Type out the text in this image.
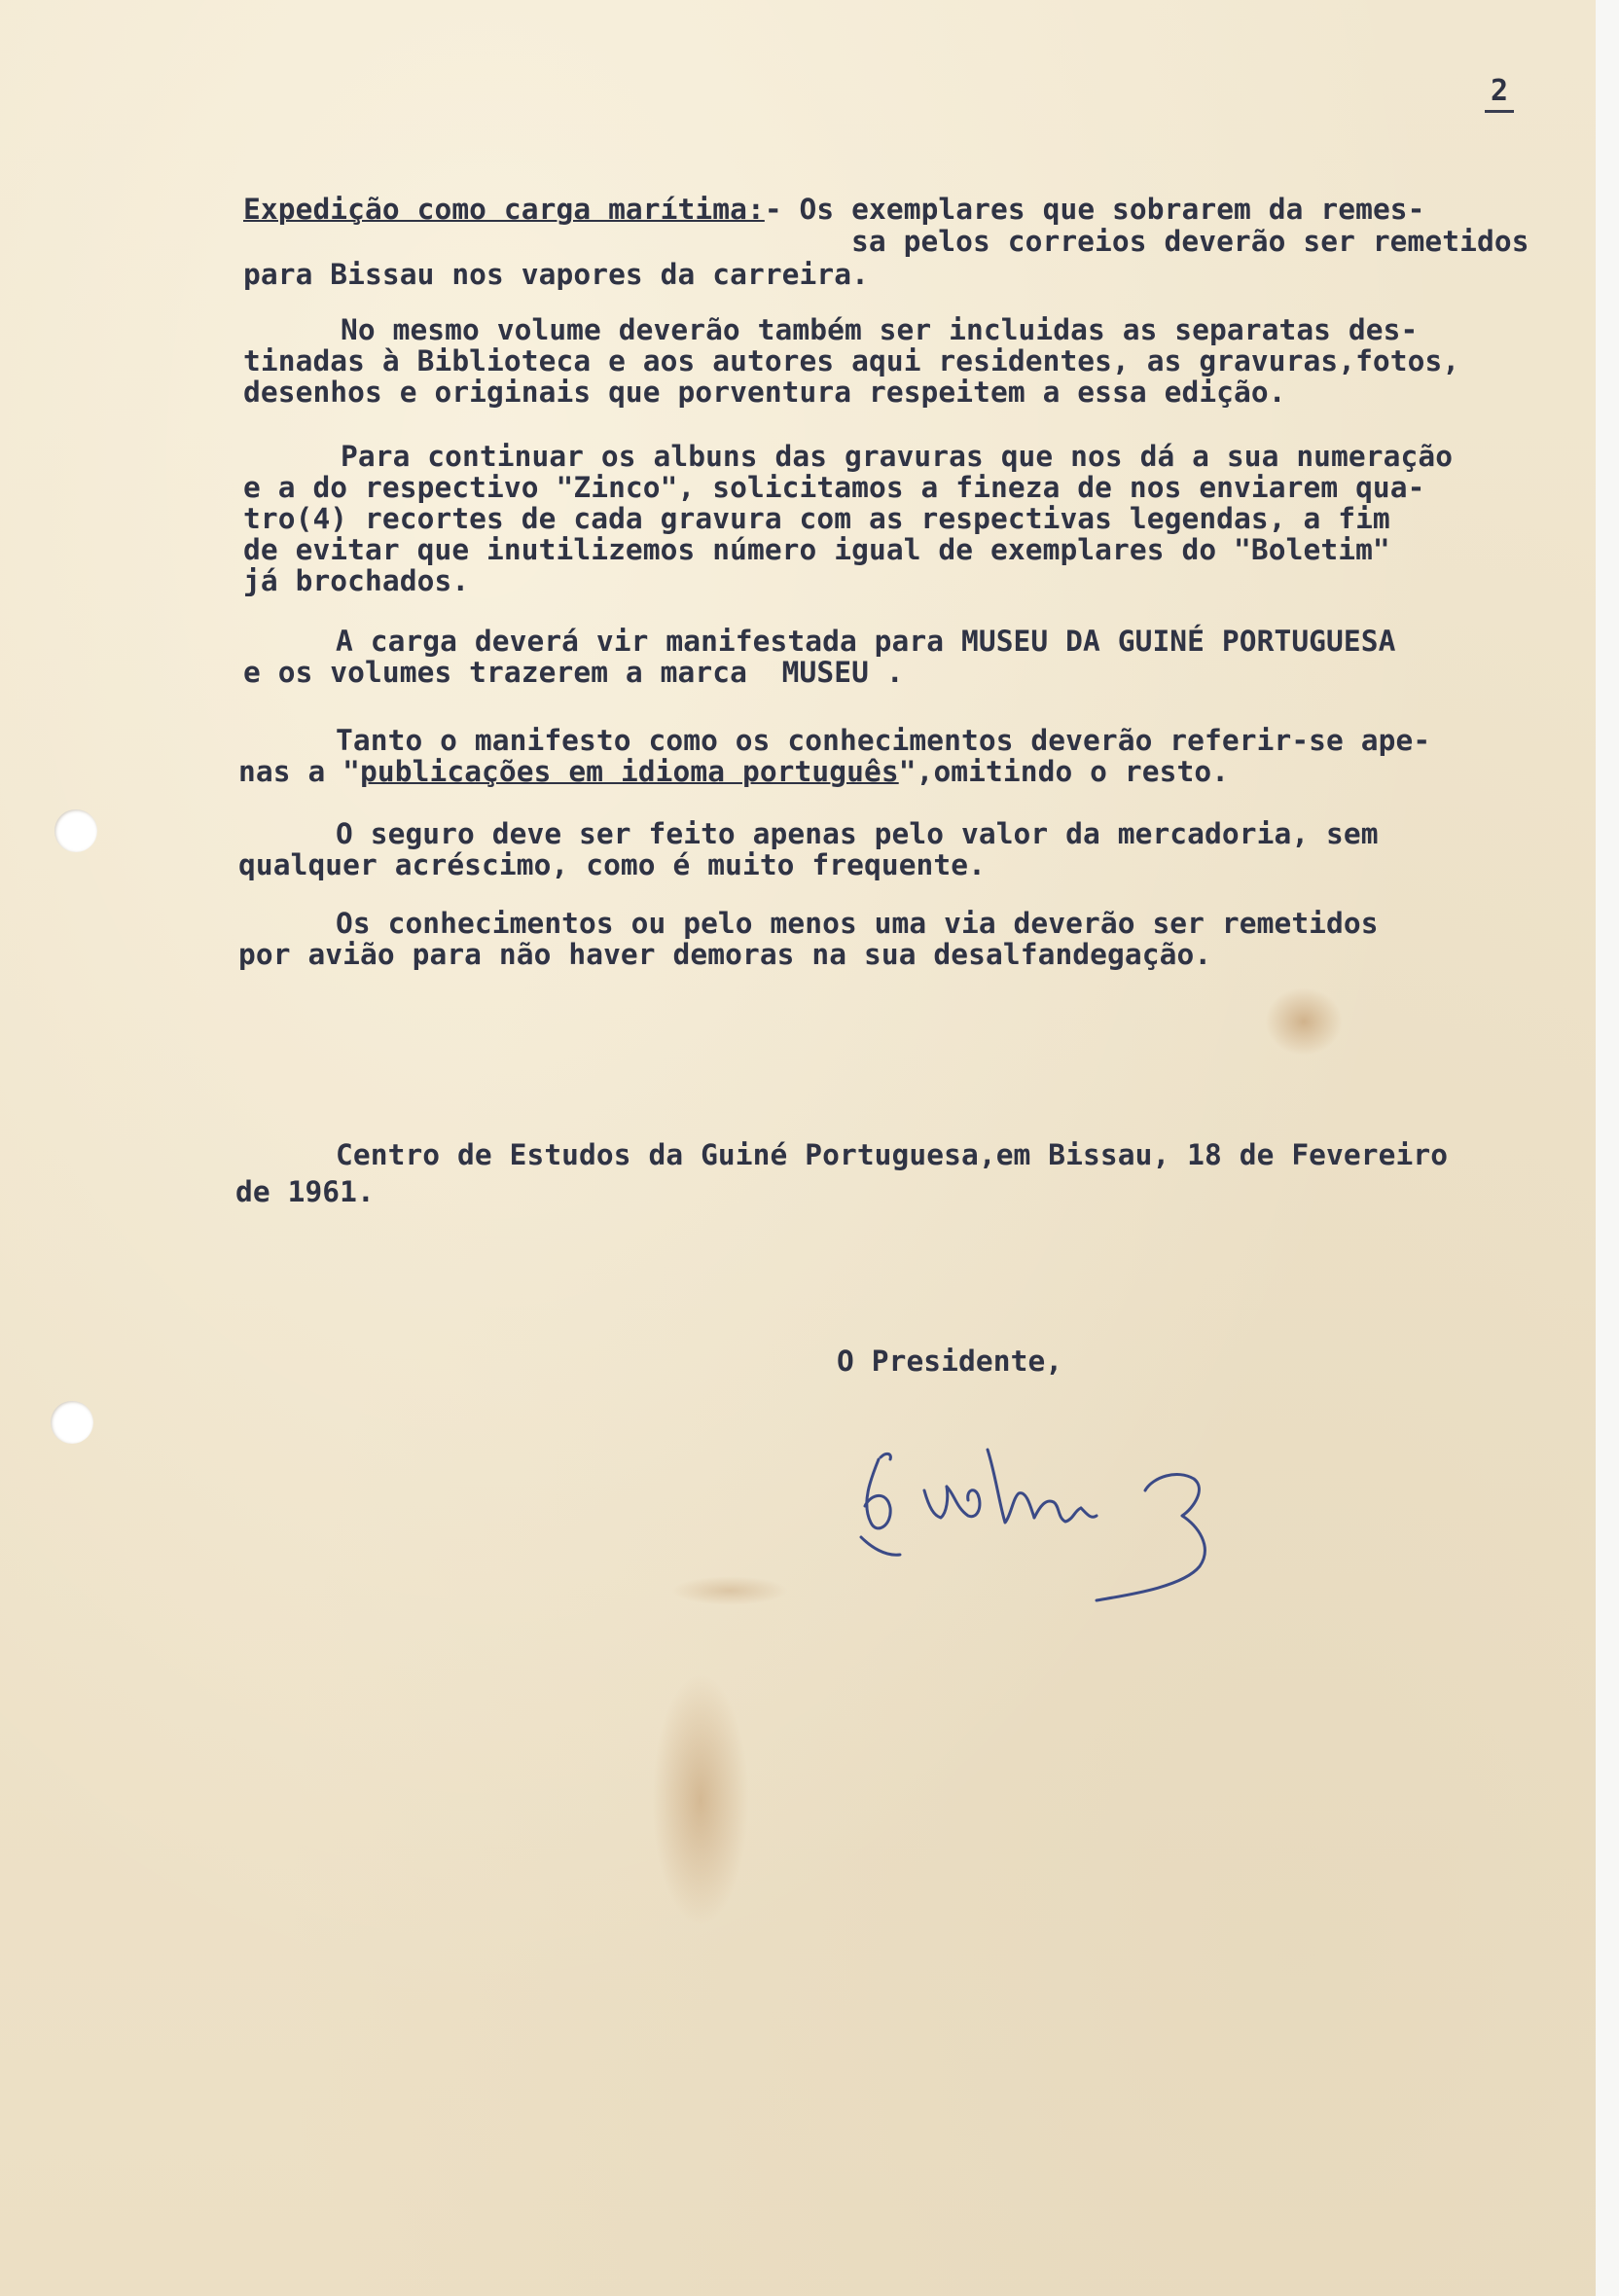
2

Expedição como carga marítima:- Os exemplares que sobrarem da remes-

sa pelos correios deverão ser remetidos

para Bissau nos vapores da carreira.

No mesmo volume deverão também ser incluidas as separatas des-

tinadas à Biblioteca e aos autores aqui residentes, as gravuras,fotos,

desenhos e originais que porventura respeitem a essa edição.

Para continuar os albuns das gravuras que nos dá a sua numeração

e a do respectivo "Zinco", solicitamos a fineza de nos enviarem qua-

tro(4) recortes de cada gravura com as respectivas legendas, a fim

de evitar que inutilizemos número igual de exemplares do "Boletim"

já brochados.

A carga deverá vir manifestada para MUSEU DA GUINÉ PORTUGUESA

e os volumes trazerem a marca  MUSEU .

Tanto o manifesto como os conhecimentos deverão referir-se ape-

nas a "publicações em idioma português",omitindo o resto.

O seguro deve ser feito apenas pelo valor da mercadoria, sem

qualquer acréscimo, como é muito frequente.

Os conhecimentos ou pelo menos uma via deverão ser remetidos

por avião para não haver demoras na sua desalfandegação.

Centro de Estudos da Guiné Portuguesa,em Bissau, 18 de Fevereiro

de 1961.

O Presidente,
